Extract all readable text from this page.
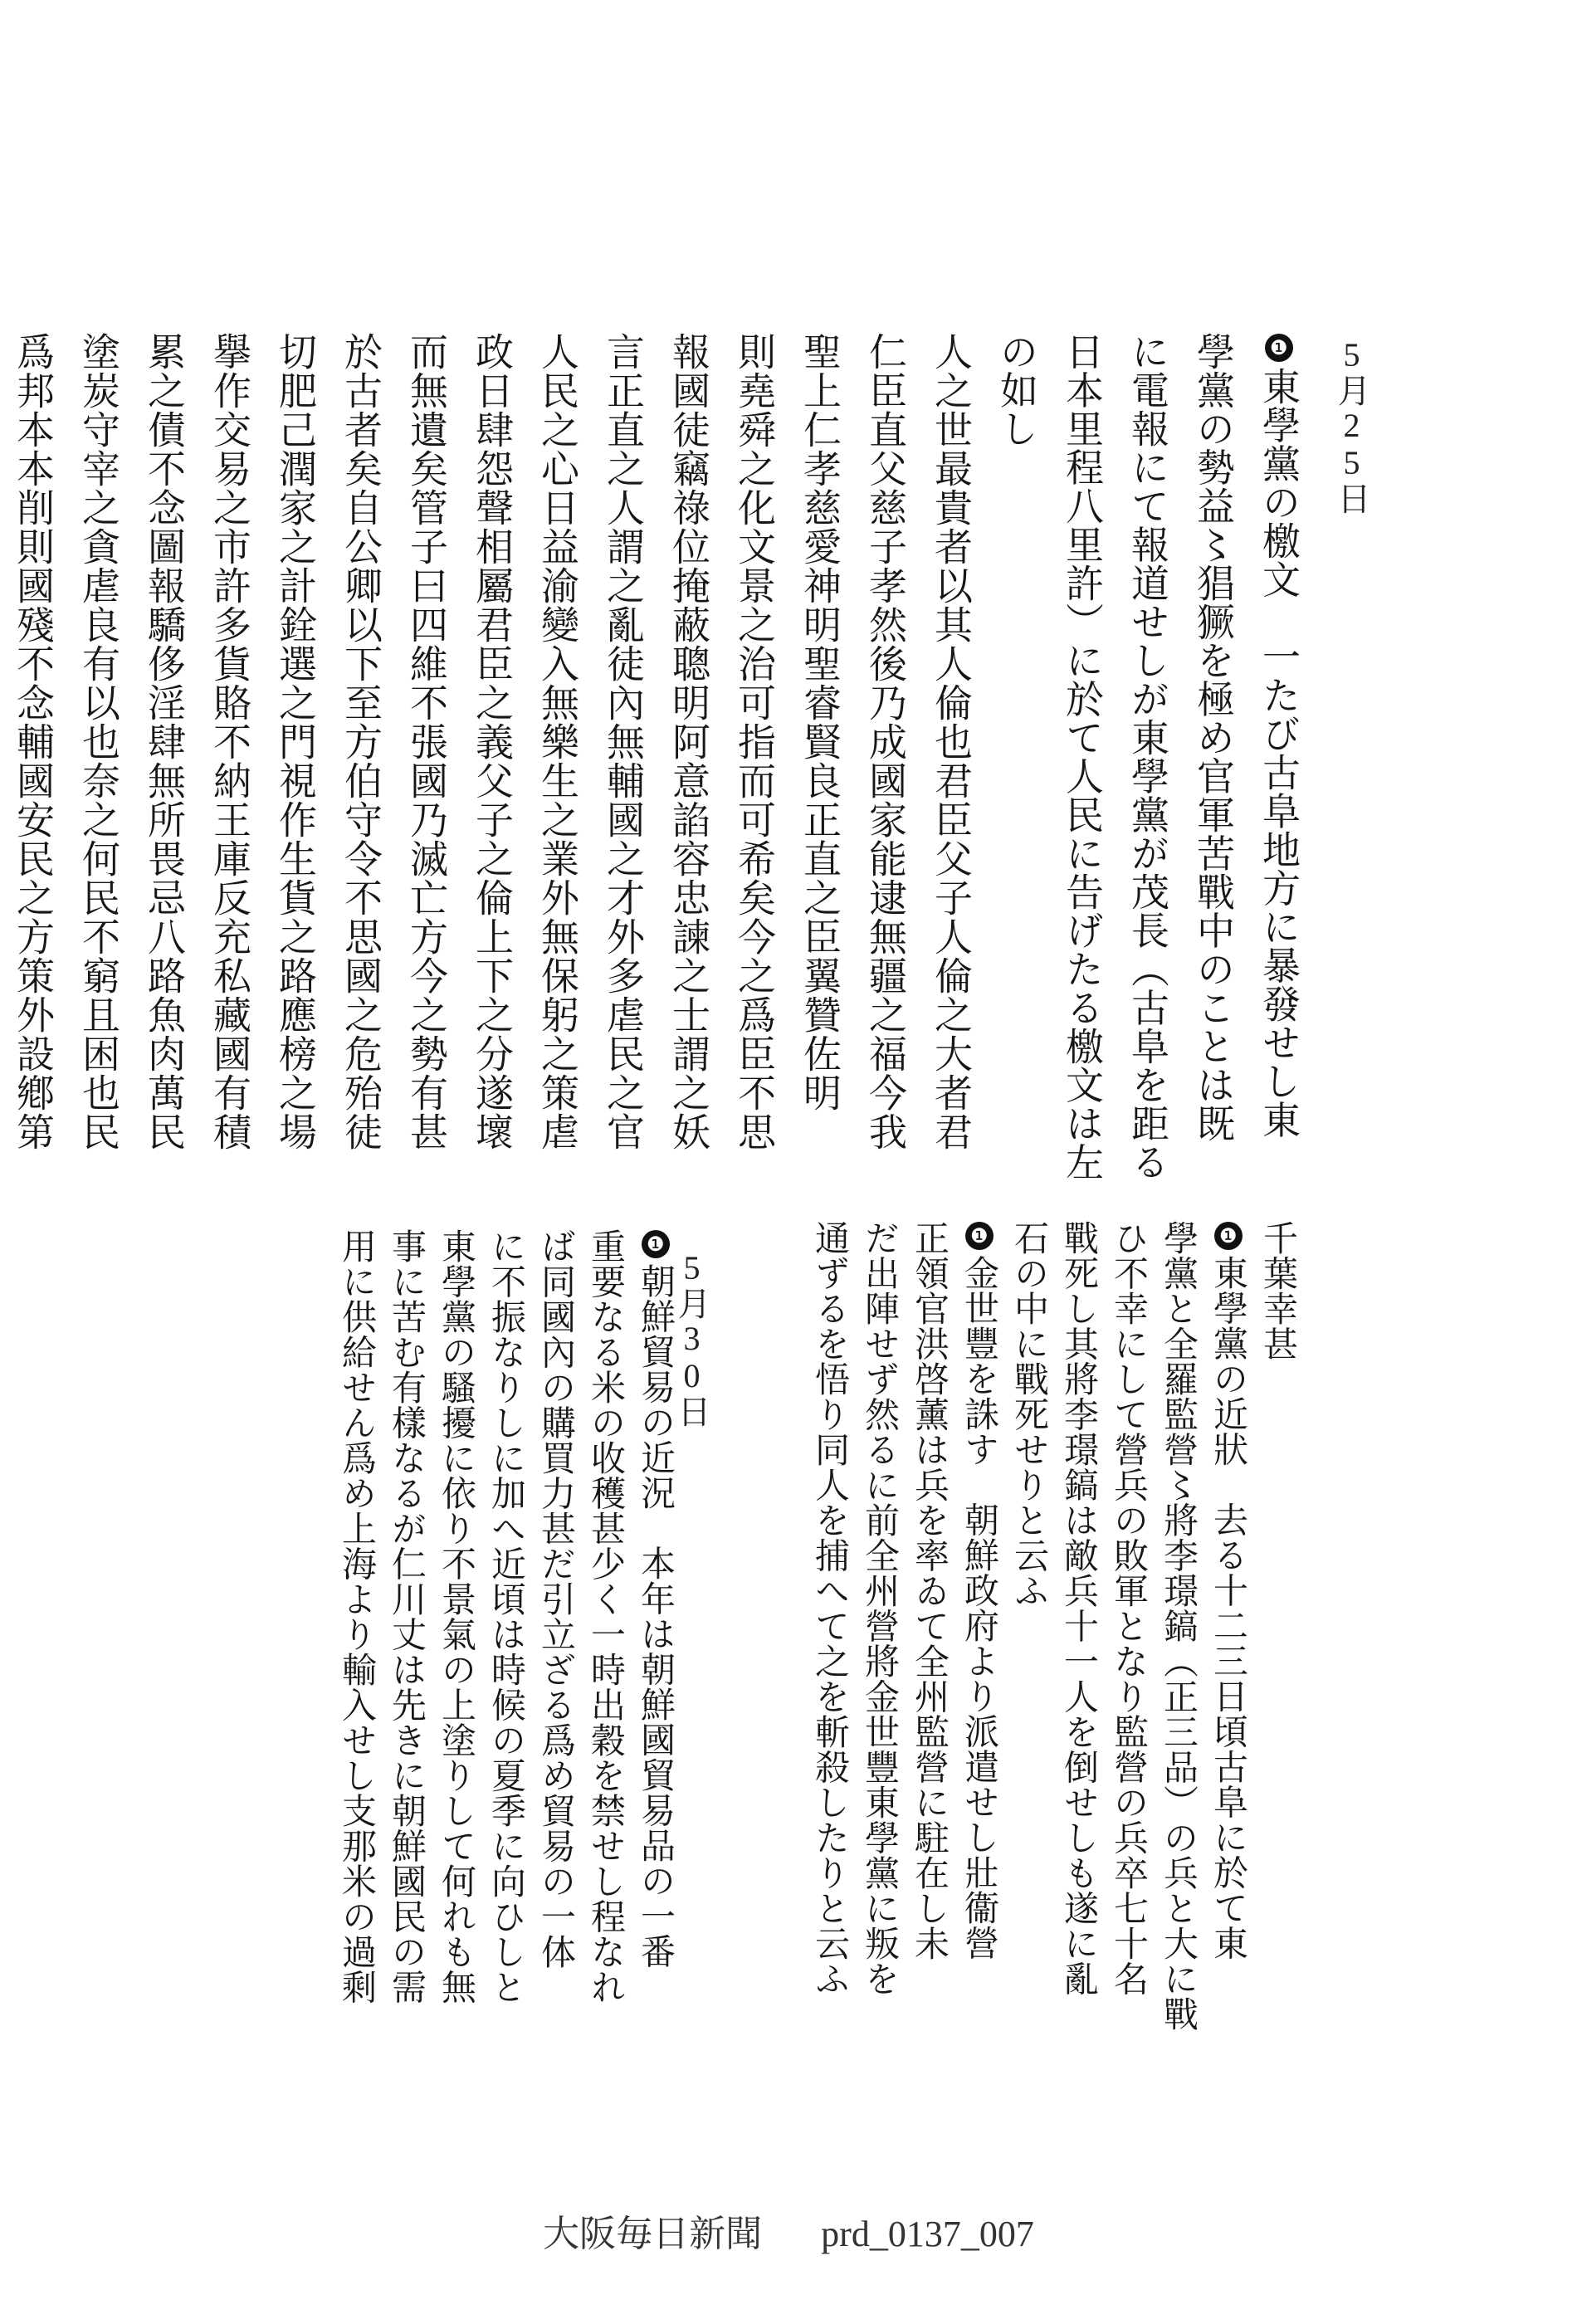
5月25日
5月30日
❶東學黨の檄文　一たび古阜地方に暴發せし東
學黨の勢益〻猖獗を極め官軍苦戰中のことは既
に電報にて報道せしが東學黨が茂長（古阜を距る
日本里程八里許）に於て人民に告げたる檄文は左
の如し
人之世最貴者以其人倫也君臣父子人倫之大者君
仁臣直父慈子孝然後乃成國家能逮無疆之福今我
聖上仁孝慈愛神明聖睿賢良正直之臣翼贊佐明
則堯舜之化文景之治可指而可希矣今之爲臣不思
報國徒竊祿位掩蔽聰明阿意諂容忠諫之士謂之妖
言正直之人謂之亂徒內無輔國之才外多虐民之官
人民之心日益渝變入無樂生之業外無保躬之策虐
政日肆怨聲相屬君臣之義父子之倫上下之分遂壞
而無遺矣管子曰四維不張國乃滅亡方今之勢有甚
於古者矣自公卿以下至方伯守令不思國之危殆徒
切肥己潤家之計銓選之門視作生貨之路應榜之場
擧作交易之市許多貨賂不納王庫反充私藏國有積
累之債不念圖報驕侈淫肆無所畏忌八路魚肉萬民
塗炭守宰之貪虐良有以也奈之何民不窮且困也民
爲邦本本削則國殘不念輔國安民之方策外設鄕第
千葉幸甚
❶東學黨の近狀　去る十二三日頃古阜に於て東
學黨と全羅監營〻將李璟鎬（正三品）の兵と大に戰
ひ不幸にして營兵の敗軍となり監營の兵卒七十名
戰死し其將李璟鎬は敵兵十一人を倒せしも遂に亂
石の中に戰死せりと云ふ
❶金世豐を誅す　朝鮮政府より派遣せし壯衞營
正領官洪啓薰は兵を率ゐて全州監營に駐在し未
だ出陣せず然るに前全州營將金世豐東學黨に叛を
通ずるを悟り同人を捕へて之を斬殺したりと云ふ
❶朝鮮貿易の近況　本年は朝鮮國貿易品の一番
重要なる米の收穫甚少く一時出穀を禁せし程なれ
ば同國內の購買力甚だ引立ざる爲め貿易の一体
に不振なりしに加へ近頃は時候の夏季に向ひしと
東學黨の騷擾に依り不景氣の上塗りして何れも無
事に苦む有樣なるが仁川丈は先きに朝鮮國民の需
用に供給せん爲め上海より輸入せし支那米の過剩
大阪毎日新聞 prd_0137_007
